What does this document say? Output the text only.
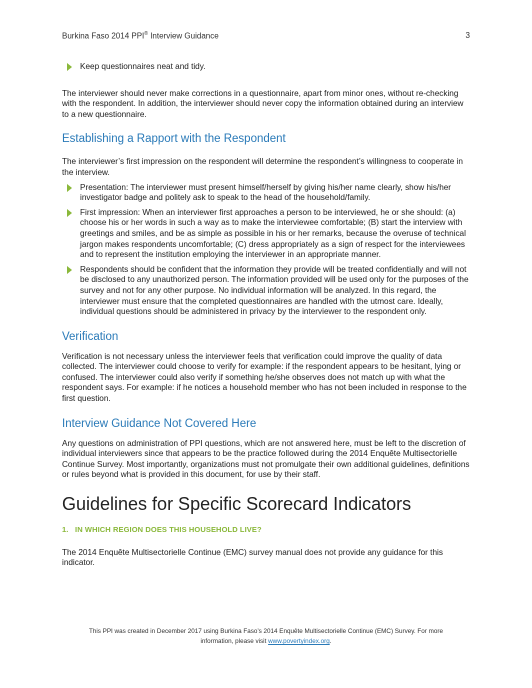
Burkina Faso 2014 PPI® Interview Guidance	3
Keep questionnaires neat and tidy.

The interviewer should never make corrections in a questionnaire, apart from minor ones, without re-checking with the respondent. In addition, the interviewer should never copy the information obtained during an interview to a new questionnaire.

Establishing a Rapport with the Respondent

The interviewer’s first impression on the respondent will determine the respondent’s willingness to cooperate in the interview.

Presentation: The interviewer must present himself/herself by giving his/her name clearly, show his/her investigator badge and politely ask to speak to the head of the household/family.
First impression: When an interviewer first approaches a person to be interviewed, he or she should: (a) choose his or her words in such a way as to make the interviewee comfortable; (B) start the interview with greetings and smiles, and be as simple as possible in his or her remarks, because the overuse of technical jargon makes respondents uncomfortable; (C) dress appropriately as a sign of respect for the interviewees and to represent the institution employing the interviewer in an appropriate manner.
Respondents should be confident that the information they provide will be treated confidentially and will not be disclosed to any unauthorized person. The information provided will be used only for the purposes of the survey and not for any other purpose. No individual information will be analyzed. In this regard, the interviewer must ensure that the completed questionnaires are handled with the utmost care. Ideally, individual questions should be administered in privacy by the interviewer to the respondent only.
Verification

Verification is not necessary unless the interviewer feels that verification could improve the quality of data collected. The interviewer could choose to verify for example: if the respondent appears to be hesitant, lying or confused. The interviewer could also verify if something he/she observes does not match up with what the respondent says. For example: if he notices a household member who has not been included in response to the first question.

Interview Guidance Not Covered Here

Any questions on administration of PPI questions, which are not answered here, must be left to the discretion of individual interviewers since that appears to be the practice followed during the 2014 Enquête Multisectorielle Continue Survey. Most importantly, organizations must not promulgate their own additional guidelines, definitions or rules beyond what is provided in this document, for use by their staff.

Guidelines for Specific Scorecard Indicators

1. IN WHICH REGION DOES THIS HOUSEHOLD LIVE?

The 2014 Enquête Multisectorielle Continue (EMC) survey manual does not provide any guidance for this indicator.

This PPI was created in December 2017 using Burkina Faso’s 2014 Enquête Multisectorielle Continue (EMC) Survey. For more
information, please visit www.povertyindex.org.
